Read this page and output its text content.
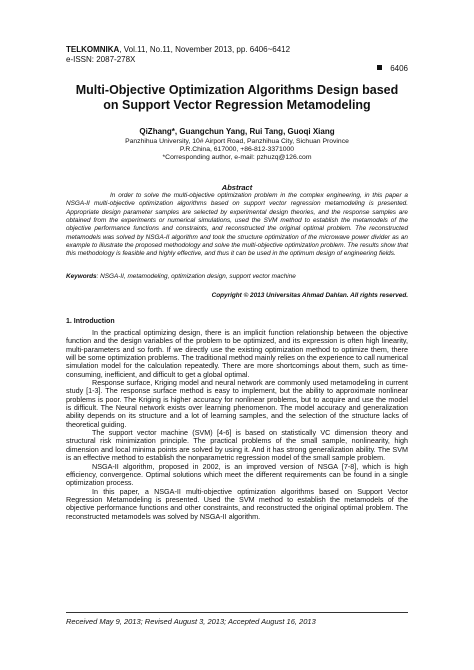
TELKOMNIKA, Vol.11, No.11, November 2013, pp. 6406~6412
e-ISSN: 2087-278X
6406
Multi-Objective Optimization Algorithms Design based
on Support Vector Regression Metamodeling
QiZhang*, Guangchun Yang, Rui Tang, Guoqi Xiang
Panzhihua University, 10# Airport Road, Panzhihua City, Sichuan Province
P.R.China, 617000, +86-812-3371000
*Corresponding author, e-mail: pzhuzq@126.com
Abstract
In order to solve the multi-objective optimization problem in the complex engineering, in this paper a NSGA-II multi-objective optimization algorithms based on support vector regression metamodeling is presented. Appropriate design parameter samples are selected by experimental design theories, and the response samples are obtained from the experiments or numerical simulations, used the SVM method to establish the metamodels of the objective performance functions and constraints, and reconstructed the original optimal problem. The reconstructed metamodels was solved by NSGA-II algorithm and took the structure optimization of the microwave power divider as an example to illustrate the proposed methodology and solve the multi-objective optimization problem. The results show that this methodology is feasible and highly effective, and thus it can be used in the optimum design of engineering fields.
Keywords: NSGA-II, metamodeling, optimization design, support vector machine
Copyright © 2013 Universitas Ahmad Dahlan. All rights reserved.
1. Introduction

In the practical optimizing design, there is an implicit function relationship between the objective function and the design variables of the problem to be optimized, and its expression is often high linearity, multi-parameters and so forth. If we directly use the existing optimization method to optimize them, there will be some optimization problems. The traditional method mainly relies on the experience to call numerical simulation model for the calculation repeatedly. There are more shortcomings about them, such as time-consuming, inefficient, and difficult to get a global optimal.

Response surface, Kriging model and neural network are commonly used metamodeling in current study [1-3]. The response surface method is easy to implement, but the ability to approximate nonlinear problems is poor. The Kriging is higher accuracy for nonlinear problems, but to acquire and use the model is difficult. The Neural network exists over learning phenomenon. The model accuracy and generalization ability depends on its structure and a lot of learning samples, and the selection of the structure lacks of theoretical guiding.

The support vector machine (SVM) [4-6] is based on statistically VC dimension theory and structural risk minimization principle. The practical problems of the small sample, nonlinearity, high dimension and local minima points are solved by using it. And it has strong generalization ability. The SVM is an effective method to establish the nonparametric regression model of the small sample problem.

NSGA-II algorithm, proposed in 2002, is an improved version of NSGA [7-8], which is high efficiency, convergence. Optimal solutions which meet the different requirements can be found in a single optimization process.

In this paper, a NSGA-II multi-objective optimization algorithms based on Support Vector Regression Metamodeling is presented. Used the SVM method to establish the metamodels of the objective performance functions and other constraints, and reconstructed the original optimal problem. The reconstructed metamodels was solved by NSGA-II algorithm.

Received May 9, 2013; Revised August 3, 2013; Accepted August 16, 2013
